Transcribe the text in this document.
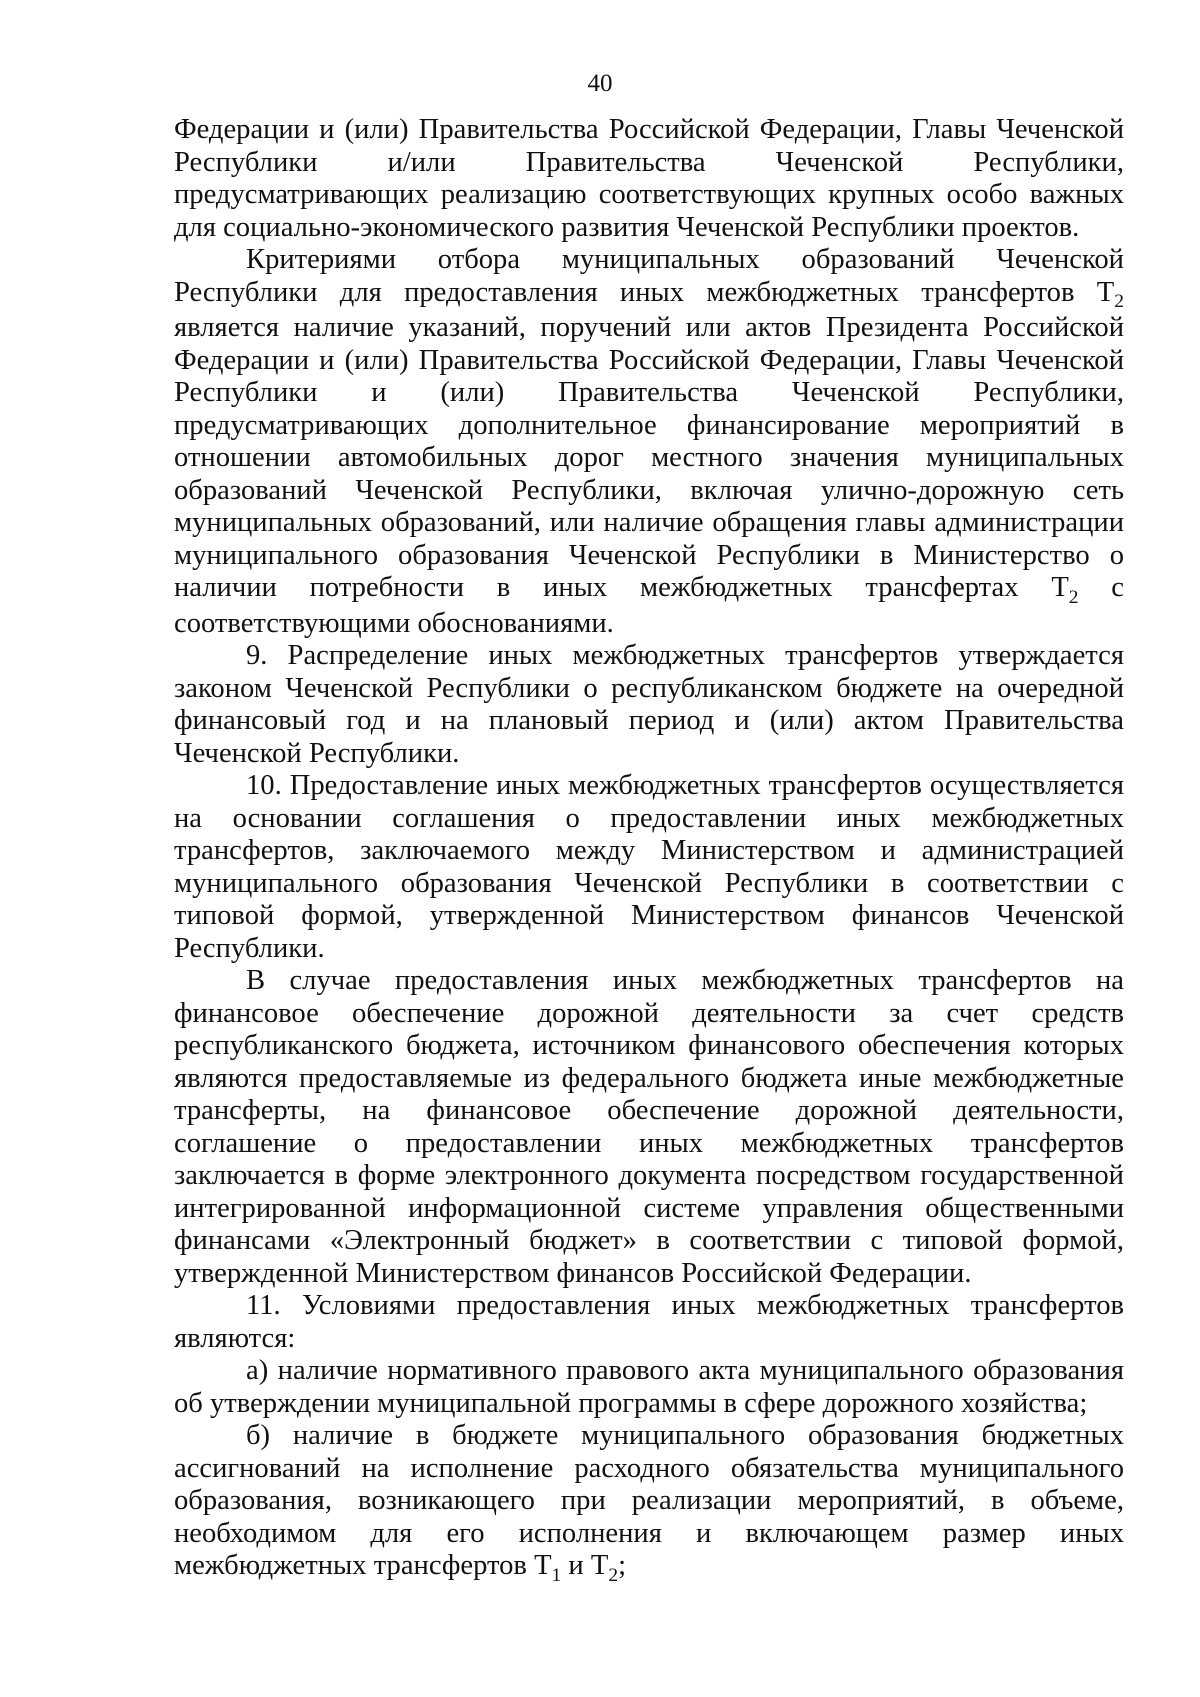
40

Федерации и (или) Правительства Российской Федерации, Главы Чеченской Республики и/или Правительства Чеченской Республики, предусматривающих реализацию соответствующих крупных особо важных для социально-экономического развития Чеченской Республики проектов.

Критериями отбора муниципальных образований Чеченской Республики для предоставления иных межбюджетных трансфертов $Т_2$ является наличие указаний, поручений или актов Президента Российской Федерации и (или) Правительства Российской Федерации, Главы Чеченской Республики и (или) Правительства Чеченской Республики, предусматривающих дополнительное финансирование мероприятий в отношении автомобильных дорог местного значения муниципальных образований Чеченской Республики, включая улично-дорожную сеть муниципальных образований, или наличие обращения главы администрации муниципального образования Чеченской Республики в Министерство о наличии потребности в иных межбюджетных трансфертах $Т_2$ с соответствующими обоснованиями.

9. Распределение иных межбюджетных трансфертов утверждается законом Чеченской Республики о республиканском бюджете на очередной финансовый год и на плановый период и (или) актом Правительства Чеченской Республики.

10. Предоставление иных межбюджетных трансфертов осуществляется на основании соглашения о предоставлении иных межбюджетных трансфертов, заключаемого между Министерством и администрацией муниципального образования Чеченской Республики в соответствии с типовой формой, утвержденной Министерством финансов Чеченской Республики.

В случае предоставления иных межбюджетных трансфертов на финансовое обеспечение дорожной деятельности за счет средств республиканского бюджета, источником финансового обеспечения которых являются предоставляемые из федерального бюджета иные межбюджетные трансферты, на финансовое обеспечение дорожной деятельности, соглашение о предоставлении иных межбюджетных трансфертов заключается в форме электронного документа посредством государственной интегрированной информационной системе управления общественными финансами «Электронный бюджет» в соответствии с типовой формой, утвержденной Министерством финансов Российской Федерации.

11. Условиями предоставления иных межбюджетных трансфертов являются:

а) наличие нормативного правового акта муниципального образования об утверждении муниципальной программы в сфере дорожного хозяйства;

б) наличие в бюджете муниципального образования бюджетных ассигнований на исполнение расходного обязательства муниципального образования, возникающего при реализации мероприятий, в объеме, необходимом для его исполнения и включающем размер иных межбюджетных трансфертов $Т_1$ и $Т_2$;
